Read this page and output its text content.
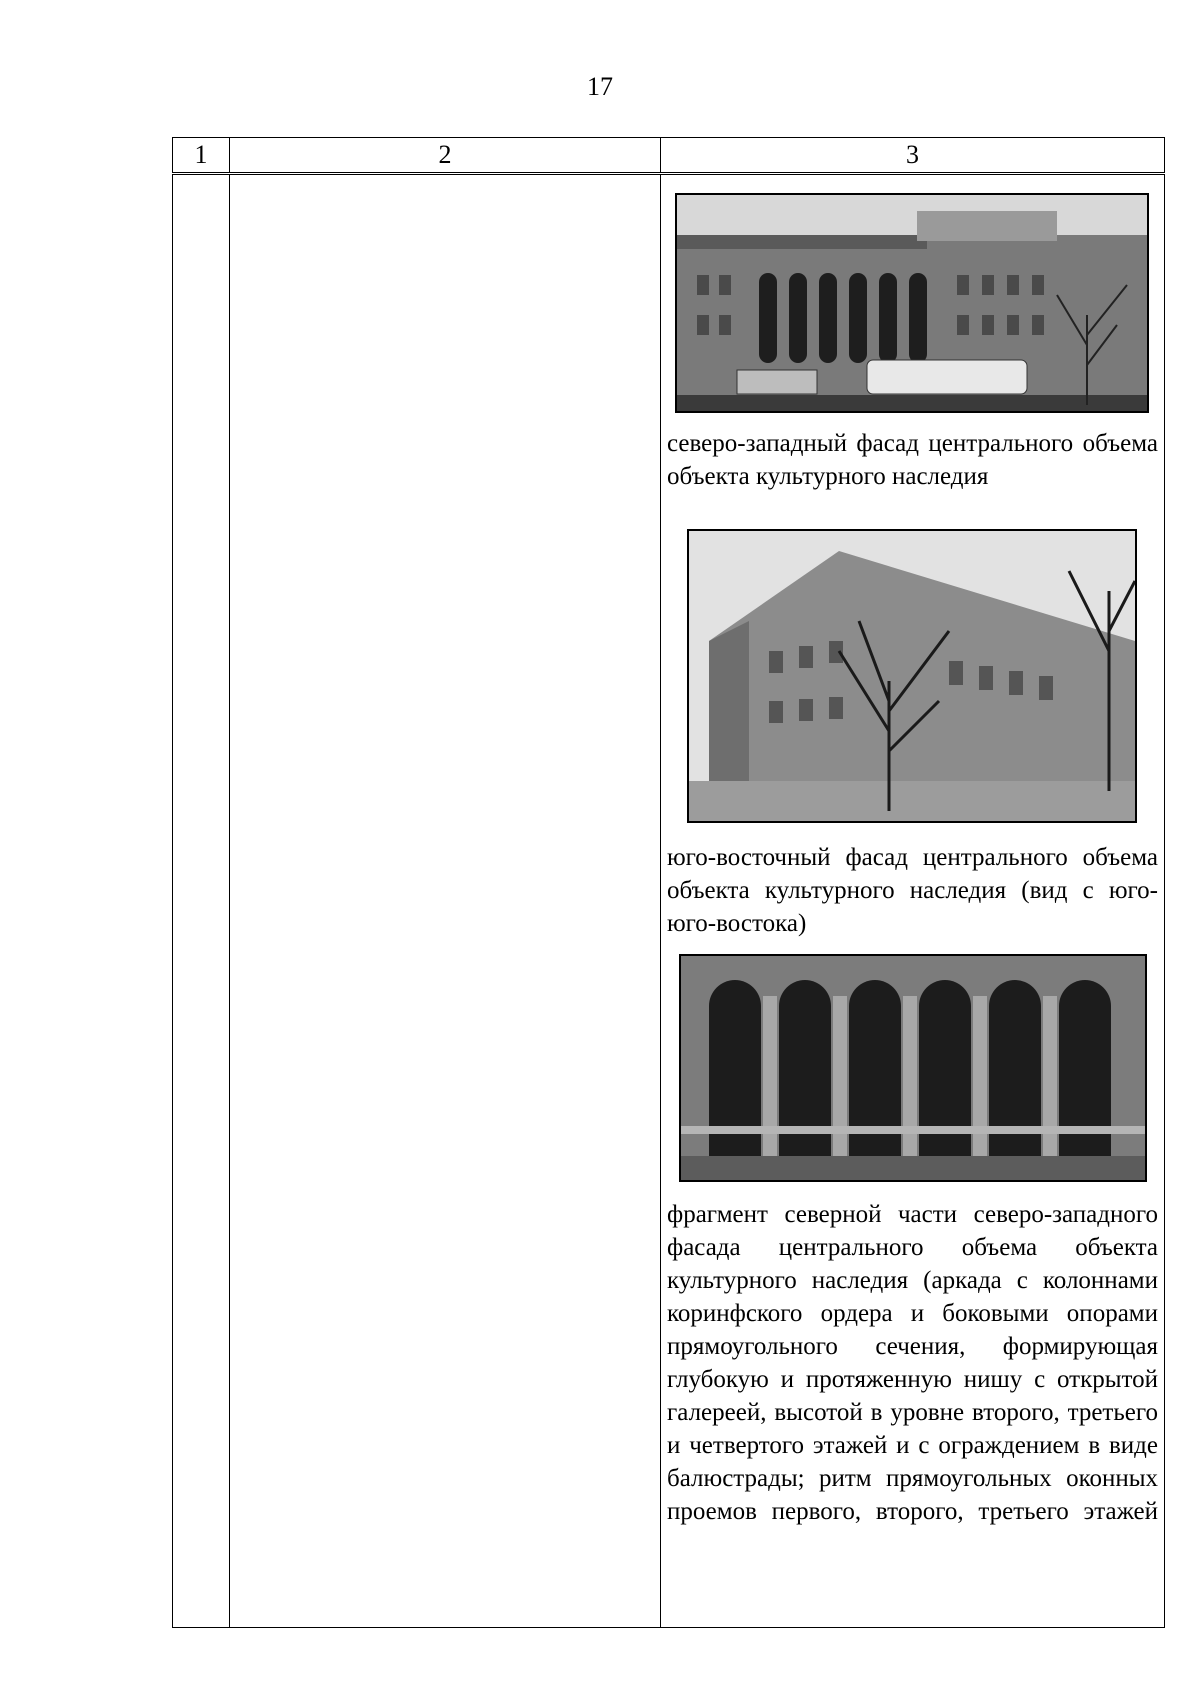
17
1	2	3

		северо-западный фасад центрального объема объекта культурного наследия

юго-восточный фасад центрального объема объекта культурного наследия (вид с юго-юго-востока)

фрагмент северной части северо-западного фасада центрального объема объекта культурного наследия (аркада с колоннами коринфского ордера и боковыми опорами прямоугольного сечения, формирующая глубокую и протяженную нишу с открытой галереей, высотой в уровне второго, третьего и четвертого этажей и с ограждением в виде балюстрады; ритм прямоугольных оконных проемов первого, второго, третьего этажей
